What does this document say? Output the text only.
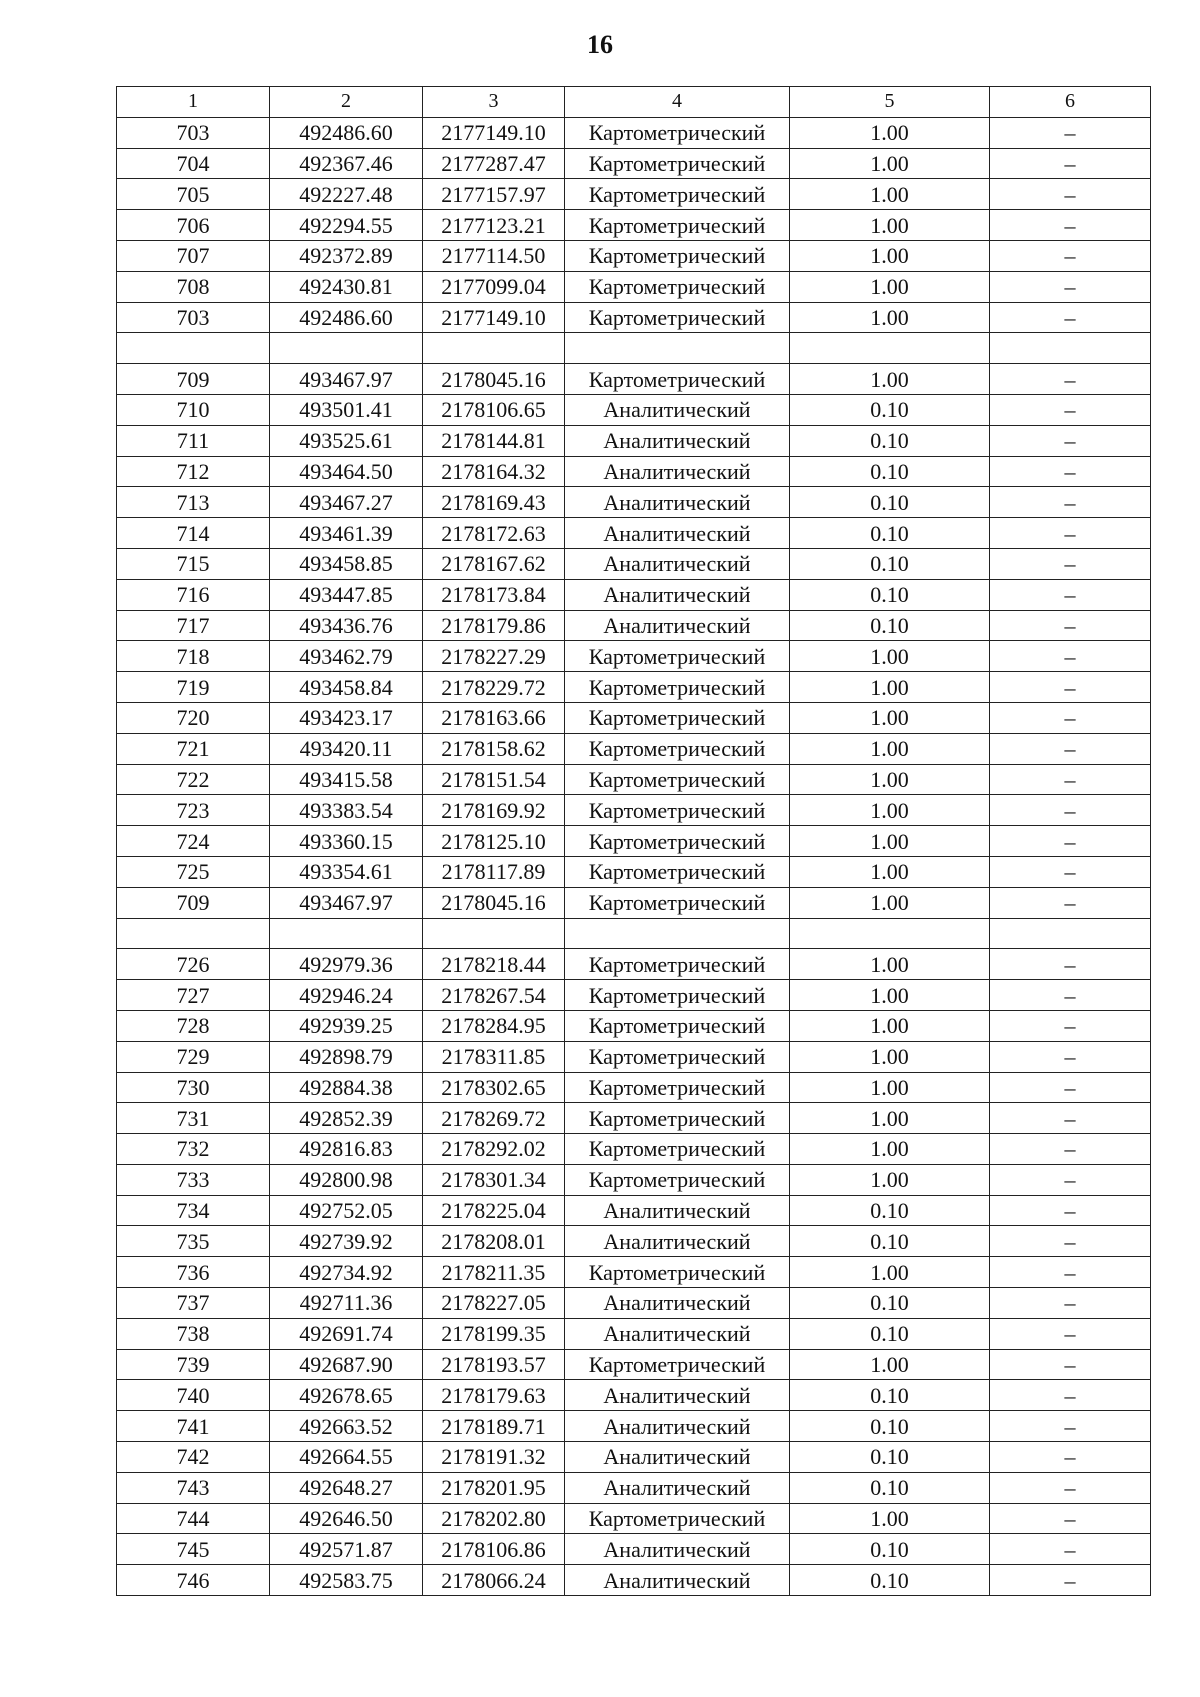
16
1	2	3	4	5	6
703	492486.60	2177149.10	Картометрический	1.00	–
704	492367.46	2177287.47	Картометрический	1.00	–
705	492227.48	2177157.97	Картометрический	1.00	–
706	492294.55	2177123.21	Картометрический	1.00	–
707	492372.89	2177114.50	Картометрический	1.00	–
708	492430.81	2177099.04	Картометрический	1.00	–
703	492486.60	2177149.10	Картометрический	1.00	–

709	493467.97	2178045.16	Картометрический	1.00	–
710	493501.41	2178106.65	Аналитический	0.10	–
711	493525.61	2178144.81	Аналитический	0.10	–
712	493464.50	2178164.32	Аналитический	0.10	–
713	493467.27	2178169.43	Аналитический	0.10	–
714	493461.39	2178172.63	Аналитический	0.10	–
715	493458.85	2178167.62	Аналитический	0.10	–
716	493447.85	2178173.84	Аналитический	0.10	–
717	493436.76	2178179.86	Аналитический	0.10	–
718	493462.79	2178227.29	Картометрический	1.00	–
719	493458.84	2178229.72	Картометрический	1.00	–
720	493423.17	2178163.66	Картометрический	1.00	–
721	493420.11	2178158.62	Картометрический	1.00	–
722	493415.58	2178151.54	Картометрический	1.00	–
723	493383.54	2178169.92	Картометрический	1.00	–
724	493360.15	2178125.10	Картометрический	1.00	–
725	493354.61	2178117.89	Картометрический	1.00	–
709	493467.97	2178045.16	Картометрический	1.00	–

726	492979.36	2178218.44	Картометрический	1.00	–
727	492946.24	2178267.54	Картометрический	1.00	–
728	492939.25	2178284.95	Картометрический	1.00	–
729	492898.79	2178311.85	Картометрический	1.00	–
730	492884.38	2178302.65	Картометрический	1.00	–
731	492852.39	2178269.72	Картометрический	1.00	–
732	492816.83	2178292.02	Картометрический	1.00	–
733	492800.98	2178301.34	Картометрический	1.00	–
734	492752.05	2178225.04	Аналитический	0.10	–
735	492739.92	2178208.01	Аналитический	0.10	–
736	492734.92	2178211.35	Картометрический	1.00	–
737	492711.36	2178227.05	Аналитический	0.10	–
738	492691.74	2178199.35	Аналитический	0.10	–
739	492687.90	2178193.57	Картометрический	1.00	–
740	492678.65	2178179.63	Аналитический	0.10	–
741	492663.52	2178189.71	Аналитический	0.10	–
742	492664.55	2178191.32	Аналитический	0.10	–
743	492648.27	2178201.95	Аналитический	0.10	–
744	492646.50	2178202.80	Картометрический	1.00	–
745	492571.87	2178106.86	Аналитический	0.10	–
746	492583.75	2178066.24	Аналитический	0.10	–
